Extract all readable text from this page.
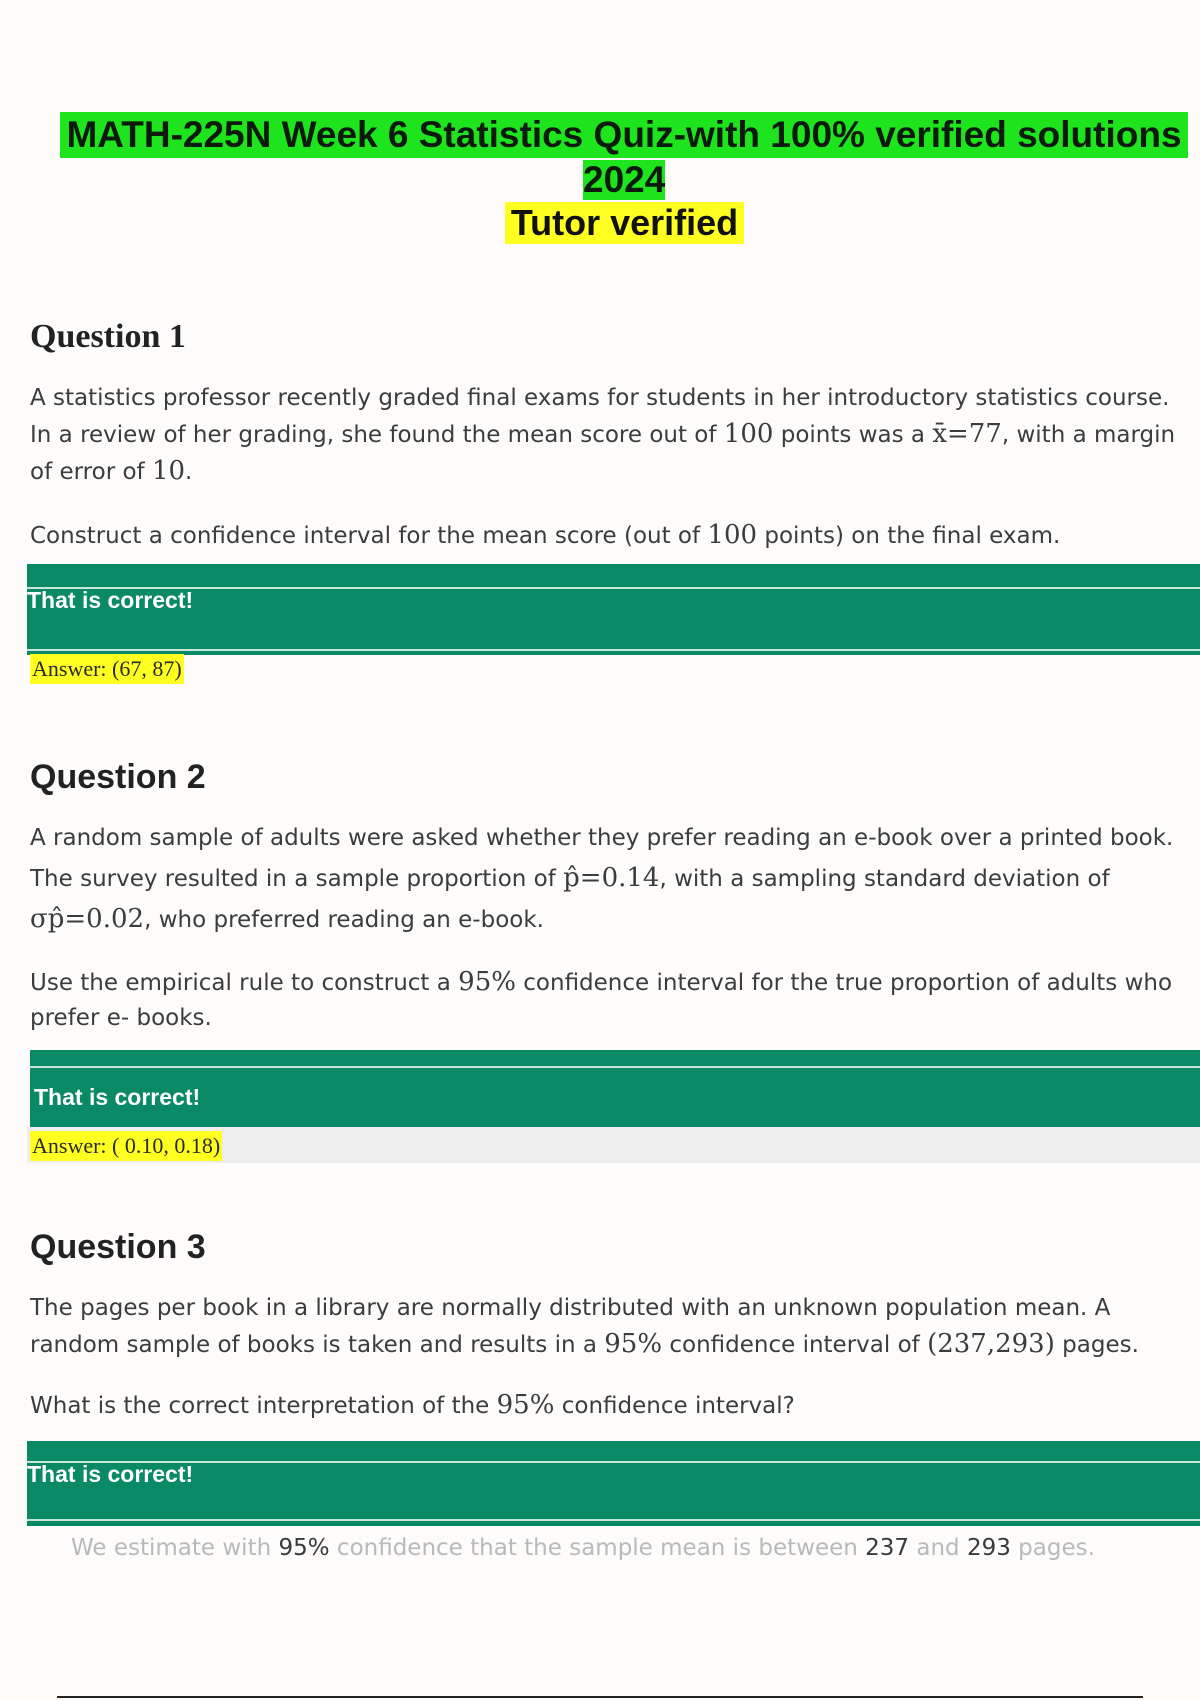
MATH-225N Week 6 Statistics Quiz-with 100% verified solutions
2024
Tutor verified
Question 1

A statistics professor recently graded final exams for students in her introductory statistics course. In a review of her grading, she found the mean score out of 100 points was a x̄=77, with a margin of error of 10.

Construct a confidence interval for the mean score (out of 100 points) on the final exam.

That is correct!
Answer: (67, 87)
Question 2

A random sample of adults were asked whether they prefer reading an e-book over a printed book. The survey resulted in a sample proportion of p̂=0.14, with a sampling standard deviation of σp̂=0.02, who preferred reading an e-book.

Use the empirical rule to construct a 95% confidence interval for the true proportion of adults who prefer e- books.

That is correct!
Answer: ( 0.10, 0.18)
Question 3

The pages per book in a library are normally distributed with an unknown population mean. A random sample of books is taken and results in a 95% confidence interval of (237,293) pages.

What is the correct interpretation of the 95% confidence interval?

That is correct!

We estimate with 95% confidence that the sample mean is between 237 and 293 pages.
